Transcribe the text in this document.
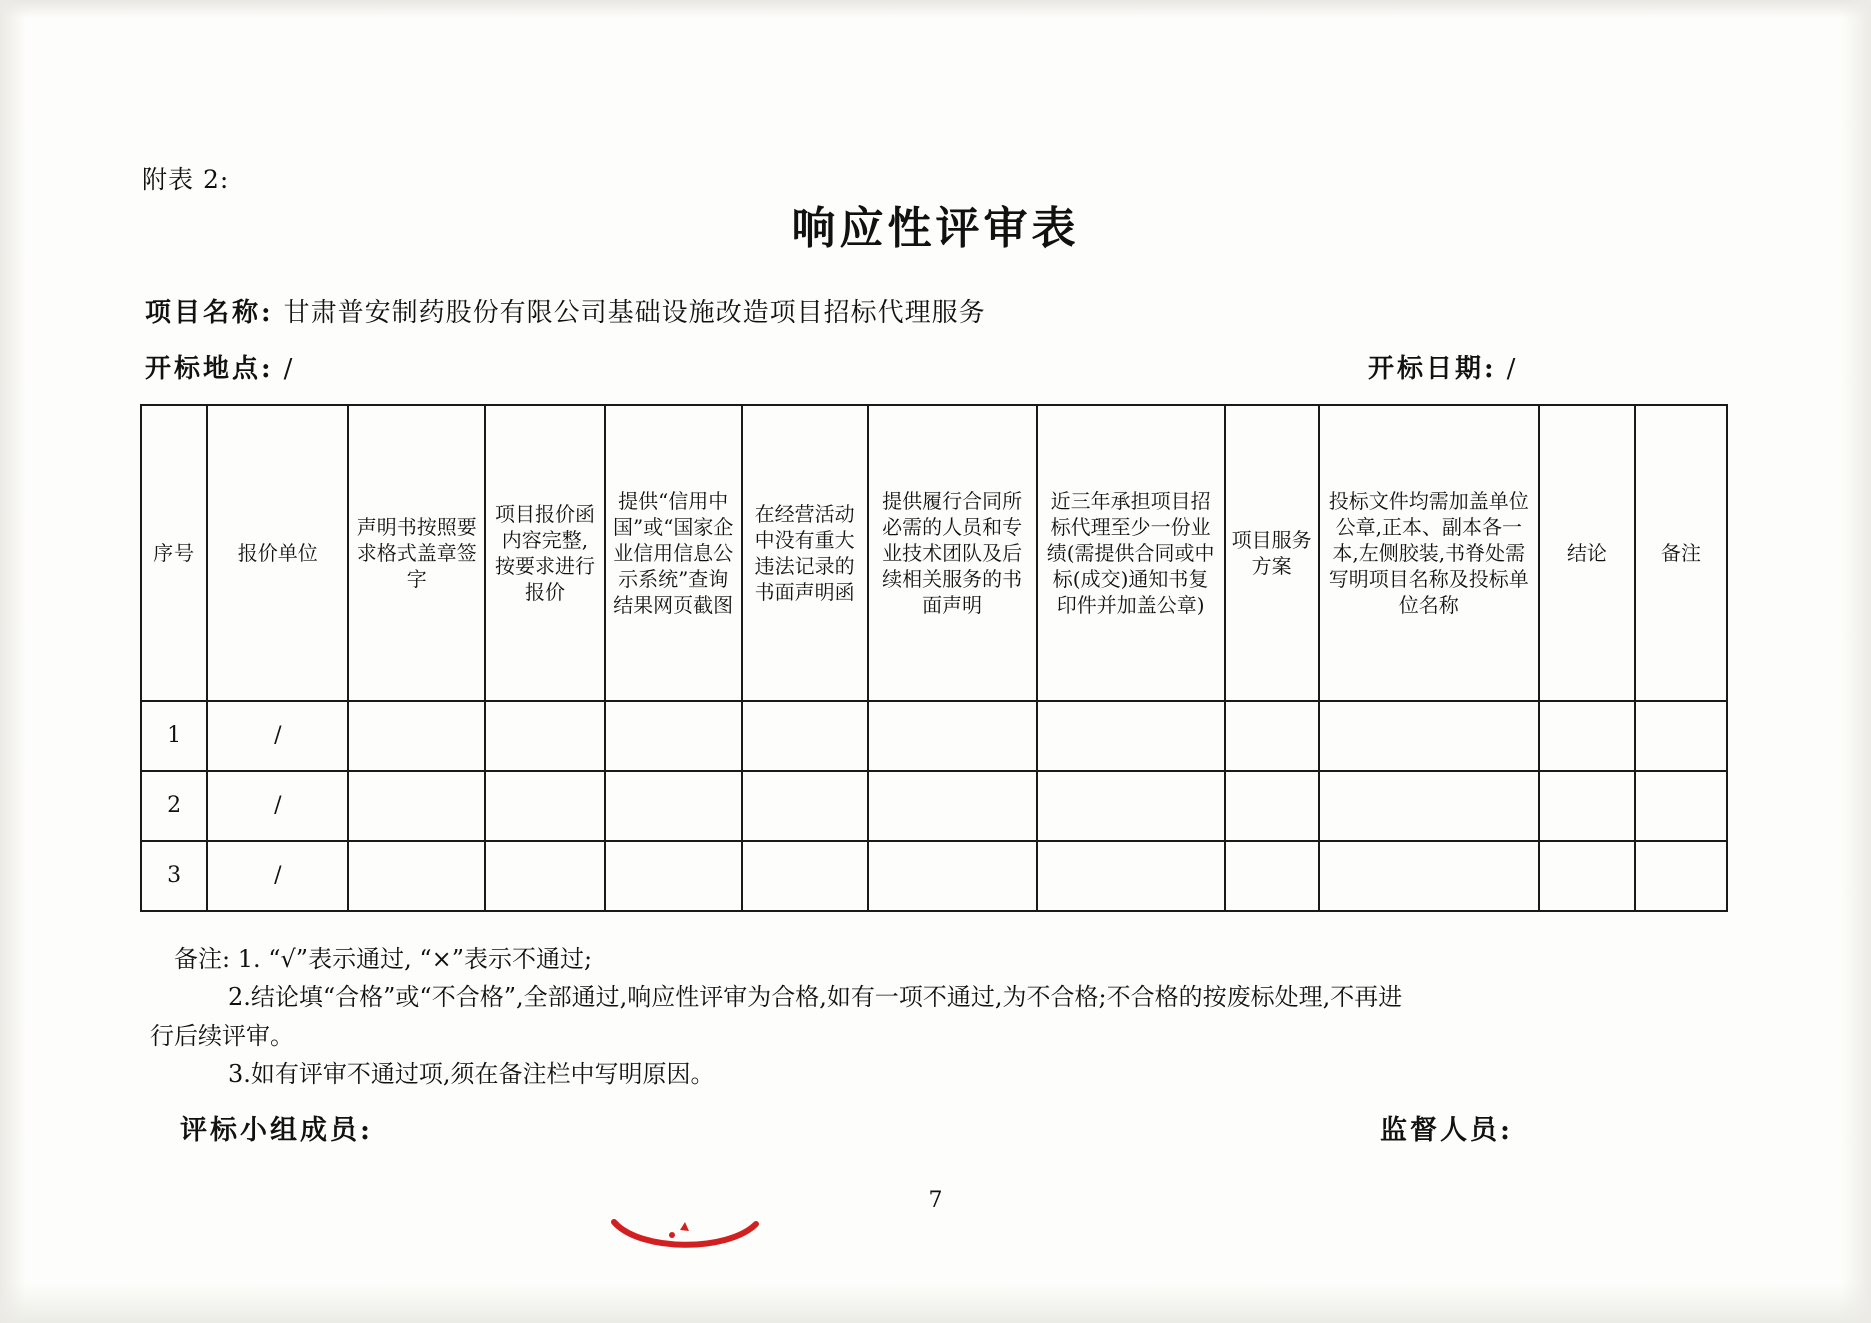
附表 2:
响应性评审表
项目名称: 甘肃普安制药股份有限公司基础设施改造项目招标代理服务
开标地点: /	开标日期: /
序号	报价单位	声明书按照要求格式盖章签字	项目报价函内容完整,按要求进行报价	提供“信用中国”或“国家企业信用信息公示系统”查询结果网页截图	在经营活动中没有重大违法记录的书面声明函	提供履行合同所必需的人员和专业技术团队及后续相关服务的书面声明	近三年承担项目招标代理至少一份业绩(需提供合同或中标(成交)通知书复印件并加盖公章)	项目服务方案	投标文件均需加盖单位公章,正本、副本各一本,左侧胶装,书脊处需写明项目名称及投标单位名称	结论	备注

1	/										
2	/										
3	/										
备注: 1. “√”表示通过, “×”表示不通过;
2.结论填“合格”或“不合格”,全部通过,响应性评审为合格,如有一项不通过,为不合格;不合格的按废标处理,不再进
行后续评审。
3.如有评审不通过项,须在备注栏中写明原因。
评标小组成员:	监督人员:
7
